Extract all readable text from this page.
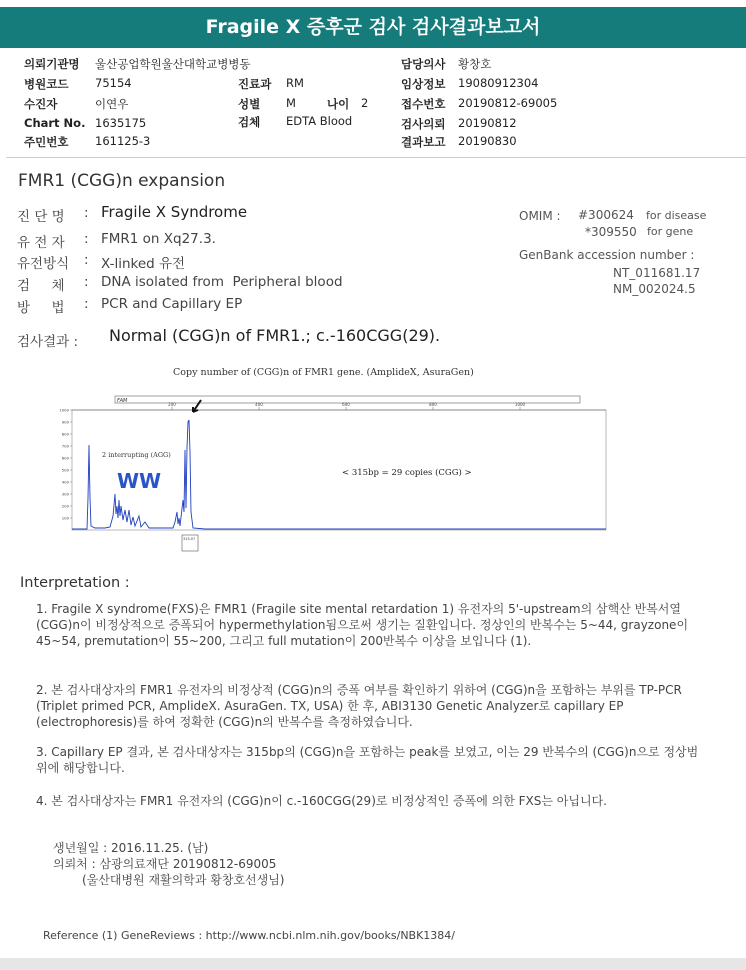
Fragile X 증후군 검사 검사결과보고서
의뢰기관명 울산공업학원울산대학교병병동
병원코드 75154
수진자	이연우
Chart No. 1635175
주민번호 161125-3
진료과 RM
성별 M	나이 2
검체 EDTA Blood
담당의사 황창호
임상정보 19080912304
접수번호 20190812-69005
검사의뢰 20190812
결과보고 20190830
FMR1 (CGG)n expansion
진 단 명 : Fragile X Syndrome
유 전 자 : FMR1 on Xq27.3.
유전방식 : X-linked 유전
검     체 : DNA isolated from  Peripheral blood
방     법 : PCR and Capillary EP
OMIM : #300624 for disease
*309550 for gene
GenBank accession number :
NT_011681.17
NM_002024.5
검사결과 : Normal (CGG)n of FMR1.; c.-160CGG(29).
Copy number of (CGG)n of FMR1 gene. (AmplideX, AsuraGen)
FAM
200	400	600	800	1000
1000
900
800
700
600
500
400
300
200
100
2 interrupting (AGG)
WW	< 315bp = 29 copies (CGG) >
315.07
Interpretation :
1. Fragile X syndrome(FXS)은 FMR1 (Fragile site mental retardation 1) 유전자의 5'-upstream의 삼핵산 반복서열 (CGG)n이 비정상적으로 증폭되어 hypermethylation됨으로써 생기는 질환입니다. 정상인의 반복수는 5~44, grayzone이 45~54, premutation이 55~200, 그리고 full mutation이 200반복수 이상을 보입니다 (1).
2. 본 검사대상자의 FMR1 유전자의 비정상적 (CGG)n의 증폭 여부를 확인하기 위하여 (CGG)n을 포함하는 부위를 TP-PCR (Triplet primed PCR, AmplideX. AsuraGen. TX, USA) 한 후, ABI3130 Genetic Analyzer로 capillary EP (electrophoresis)를 하여 정확한 (CGG)n의 반복수를 측정하였습니다.
3. Capillary EP 결과, 본 검사대상자는 315bp의 (CGG)n을 포함하는 peak를 보였고, 이는 29 반복수의 (CGG)n으로 정상범위에 해당합니다.
4. 본 검사대상자는 FMR1 유전자의 (CGG)n이 c.-160CGG(29)로 비정상적인 증폭에 의한 FXS는 아닙니다.
생년월일 : 2016.11.25. (남)
의뢰처 : 삼광의료재단 20190812-69005
(울산대병원 재활의학과 황창호선생님)
Reference (1) GeneReviews : http://www.ncbi.nlm.nih.gov/books/NBK1384/
